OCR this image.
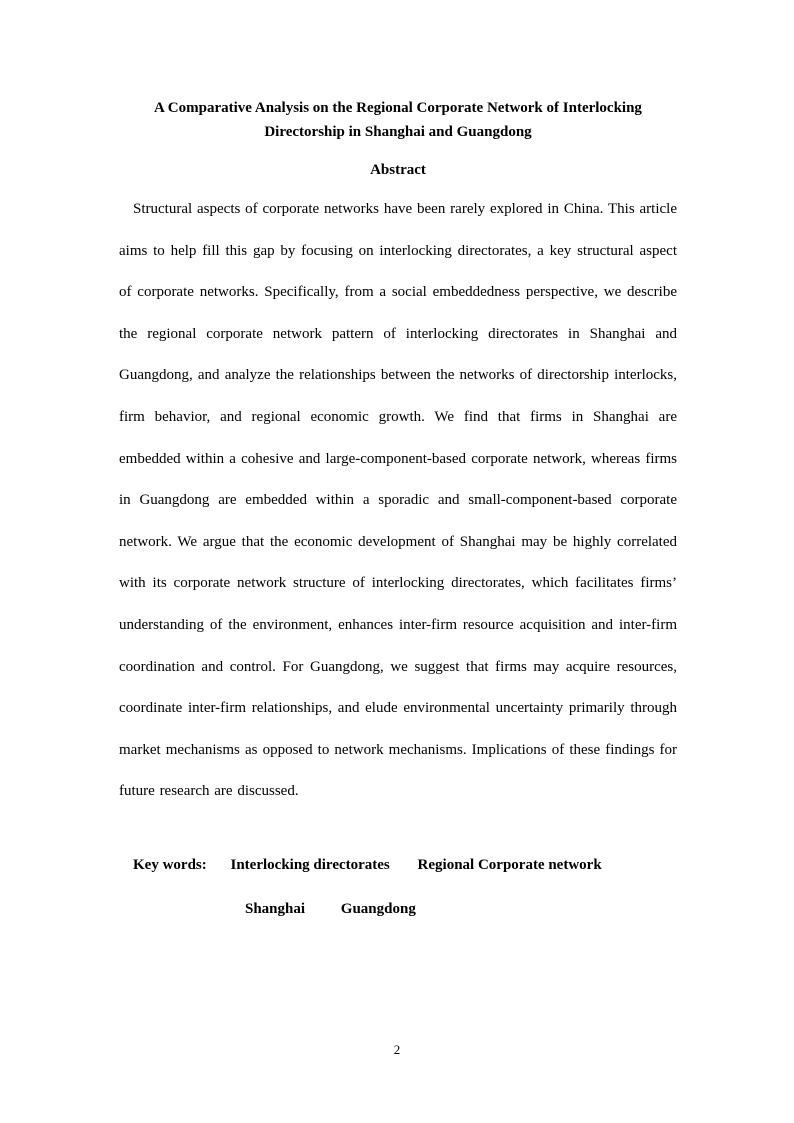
A Comparative Analysis on the Regional Corporate Network of Interlocking
Directorship in Shanghai and Guangdong
Abstract

Structural aspects of corporate networks have been rarely explored in China. This article aims to help fill this gap by focusing on interlocking directorates, a key structural aspect of corporate networks. Specifically, from a social embeddedness perspective, we describe the regional corporate network pattern of interlocking directorates in Shanghai and Guangdong, and analyze the relationships between the networks of directorship interlocks, firm behavior, and regional economic growth. We find that firms in Shanghai are embedded within a cohesive and large-component-based corporate network, whereas firms in Guangdong are embedded within a sporadic and small-component-based corporate network. We argue that the economic development of Shanghai may be highly correlated with its corporate network structure of interlocking directorates, which facilitates firms’ understanding of the environment, enhances inter-firm resource acquisition and inter-firm coordination and control. For Guangdong, we suggest that firms may acquire resources, coordinate inter-firm relationships, and elude environmental uncertainty primarily through market mechanisms as opposed to network mechanisms. Implications of these findings for future research are discussed.

Key words: Interlocking directorates Regional Corporate network
Shanghai Guangdong
2
